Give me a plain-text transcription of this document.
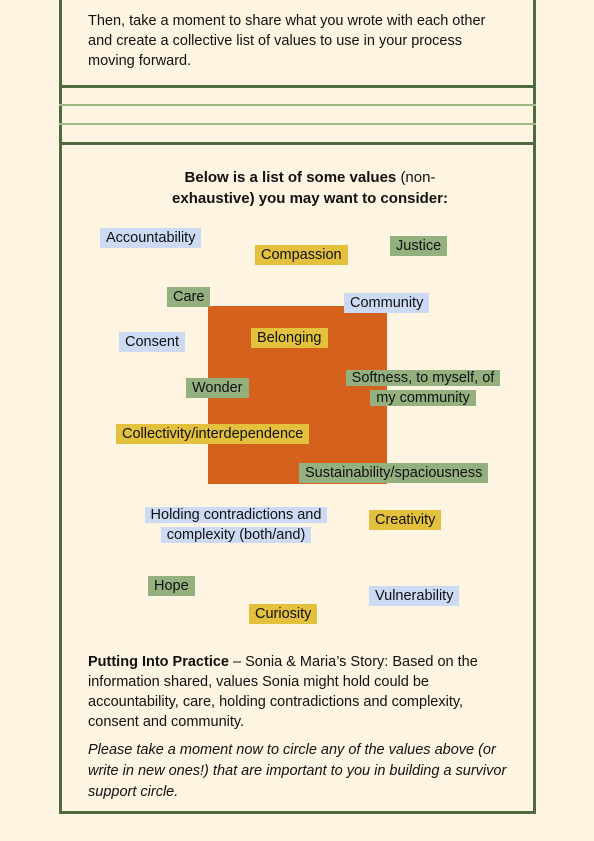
Then, take a moment to share what you wrote with each other and create a collective list of values to use in your process moving forward.

Below is a list of some values (non- exhaustive) you may want to consider:
Accountability
Compassion
Justice
Care	Community
Consent	Belonging
Wonder
Softness, to myself, of
my community
Collectivity/interdependence
Sustainability/spaciousness
Holding contradictions and
complexity (both/and)
Creativity
Hope
Vulnerability
Curiosity

Putting Into Practice – Sonia & Maria’s Story: Based on the information shared, values Sonia might hold could be accountability, care, holding contradictions and complexity, consent and community.

Please take a moment now to circle any of the values above (or write in new ones!) that are important to you in building a survivor support circle.
